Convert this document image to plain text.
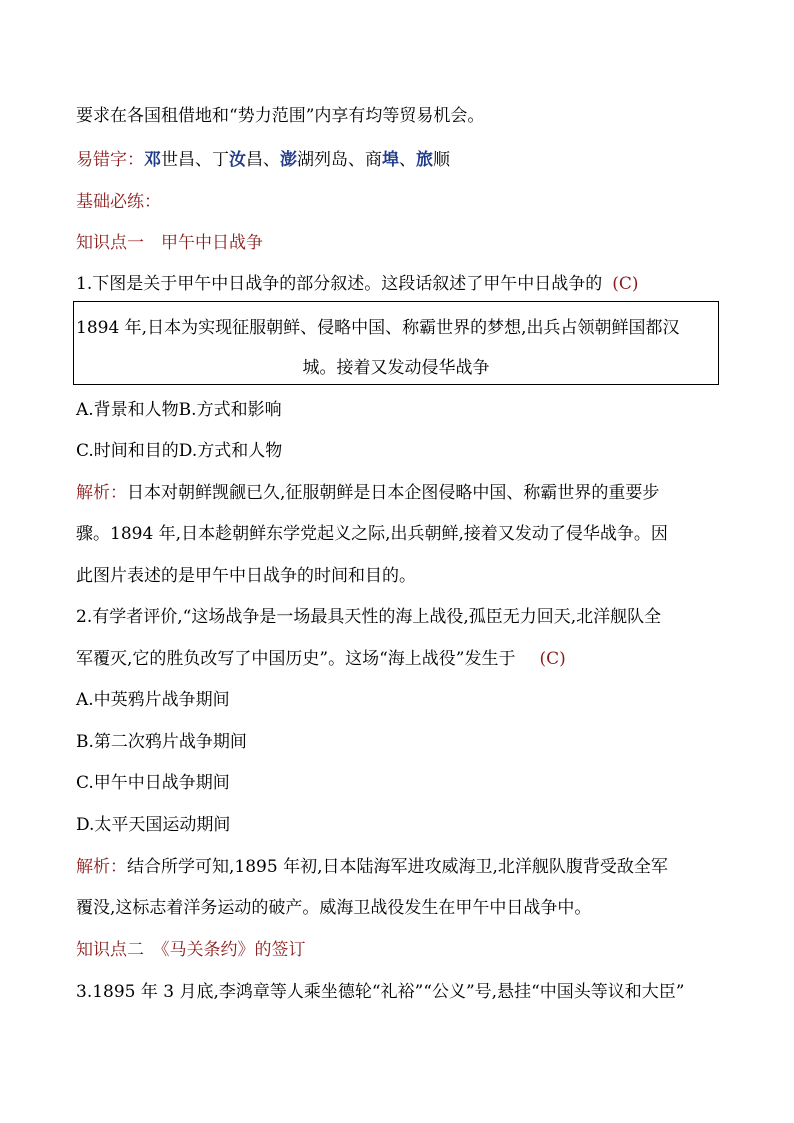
要求在各国租借地和“势力范围”内享有均等贸易机会。
易错字：邓世昌、丁汝昌、澎湖列岛、商埠、旅顺
基础必练：
知识点一　甲午中日战争
1.下图是关于甲午中日战争的部分叙述。这段话叙述了甲午中日战争的 (C)
1894 年,日本为实现征服朝鲜、侵略中国、称霸世界的梦想,出兵占领朝鲜国都汉
城。接着又发动侵华战争
A.背景和人物B.方式和影响
C.时间和目的D.方式和人物
解析：日本对朝鲜觊觎已久,征服朝鲜是日本企图侵略中国、称霸世界的重要步
骤。1894 年,日本趁朝鲜东学党起义之际,出兵朝鲜,接着又发动了侵华战争。因
此图片表述的是甲午中日战争的时间和目的。
2.有学者评价,“这场战争是一场最具天性的海上战役,孤臣无力回天,北洋舰队全
军覆灭,它的胜负改写了中国历史”。这场“海上战役”发生于 (C)
A.中英鸦片战争期间
B.第二次鸦片战争期间
C.甲午中日战争期间
D.太平天国运动期间
解析：结合所学可知,1895 年初,日本陆海军进攻威海卫,北洋舰队腹背受敌全军
覆没,这标志着洋务运动的破产。威海卫战役发生在甲午中日战争中。
知识点二　《马关条约》的签订
3.1895 年 3 月底,李鸿章等人乘坐德轮“礼裕”“公义”号,悬挂“中国头等议和大臣”
